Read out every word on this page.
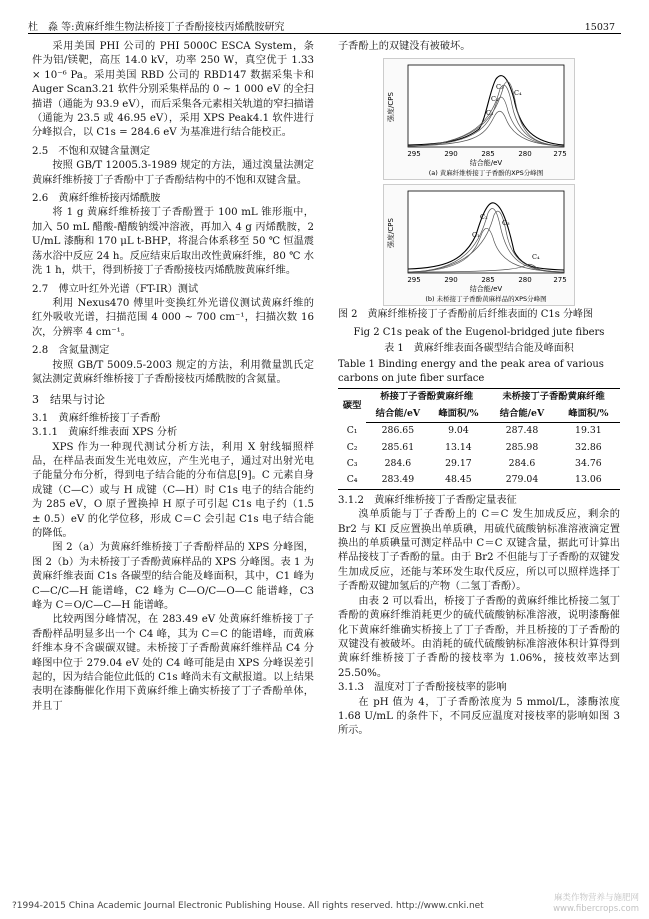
杜　淼 等:黄麻纤维生物法桥接丁子香酚接枝丙烯酰胺研究	15037

采用美国 PHI 公司的 PHI 5000C ESCA System，条件为铝/镁靶，高压 14.0 kV，功率 250 W，真空优于 1.33 × 10⁻⁶ Pa。采用美国 RBD 公司的 RBD147 数据采集卡和 Auger Scan3.21 软件分别采集样品的 0 ~ 1 000 eV 的全扫描谱（通能为 93.9 eV），而后采集各元素相关轨道的窄扫描谱（通能为 23.5 或 46.95 eV），采用 XPS Peak4.1 软件进行分峰拟合，以 C1s = 284.6 eV 为基准进行结合能校正。

2.5　不饱和双键含量测定

按照 GB/T 12005.3-1989 规定的方法，通过溴量法测定黄麻纤维桥接丁子香酚中丁子香酚结构中的不饱和双键含量。

2.6　黄麻纤维桥接丙烯酰胺

将 1 g 黄麻纤维桥接丁子香酚置于 100 mL 锥形瓶中，加入 50 mL 醋酸-醋酸钠缓冲溶液，再加入 4 g 丙烯酰胺，2 U/mL 漆酶和 170 μL t-BHP，将混合体系移至 50 ℃ 恒温震荡水浴中反应 24 h。反应结束后取出改性黄麻纤维，80 ℃ 水洗 1 h，烘干，得到桥接丁子香酚接枝丙烯酰胺黄麻纤维。

2.7　傅立叶红外光谱（FT-IR）测试

利用 Nexus470 傅里叶变换红外光谱仪测试黄麻纤维的红外吸收光谱，扫描范围 4 000 ~ 700 cm⁻¹，扫描次数 16 次，分辨率 4 cm⁻¹。

2.8　含氮量测定

按照 GB/T 5009.5-2003 规定的方法，利用微量凯氏定氮法测定黄麻纤维桥接丁子香酚接枝丙烯酰胺的含氮量。

3　结果与讨论

3.1　黄麻纤维桥接丁子香酚

3.1.1　黄麻纤维表面 XPS 分析

XPS 作为一种现代测试分析方法，利用 X 射线辐照样品，在样品表面发生光电效应，产生光电子，通过对出射光电子能量分布分析，得到电子结合能的分布信息[9]。C 元素自身成键（C—C）或与 H 成键（C—H）时 C1s 电子的结合能约为 285 eV，O 原子置换掉 H 原子可引起 C1s 电子约（1.5 ± 0.5）eV 的化学位移，形成 C＝C 会引起 C1s 电子结合能的降低。

图 2（a）为黄麻纤维桥接丁子香酚样品的 XPS 分峰图，图 2（b）为未桥接丁子香酚黄麻样品的 XPS 分峰图。表 1 为黄麻纤维表面 C1s 各碳型的结合能及峰面积，其中，C1 峰为 C—C/C—H 能谱峰，C2 峰为 C—O/C—O—C 能谱峰，C3 峰为 C＝O/C—C—H 能谱峰。

比较两图分峰情况，在 283.49 eV 处黄麻纤维桥接丁子香酚样品明显多出一个 C4 峰，其为 C＝C 的能谱峰，而黄麻纤维本身不含碳碳双键。未桥接丁子香酚黄麻纤维样品 C4 分峰图中位于 279.04 eV 处的 C4 峰可能是由 XPS 分峰误差引起的，因为结合能位此低的 C1s 峰尚未有文献报道。以上结果表明在漆酶催化作用下黄麻纤维上确实桥接了丁子香酚单体，并且丁

子香酚上的双键没有被破坏。

强度/CPS	C₁
C₂
C₃
C₄
295	290	285	280	275
结合能/eV
(a) 黄麻纤维桥接丁子香酚的XPS分峰图
强度/CPS	C₁
C₂
C₃
C₄
295	290	285	280	275
结合能/eV
(b) 未桥接丁子香酚黄麻样品的XPS分峰图

图 2　黄麻纤维桥接丁子香酚前后纤维表面的 C1s 分峰图

Fig 2 C1s peak of the Eugenol-bridged jute fibers

表 1　黄麻纤维表面各碳型结合能及峰面积

Table 1 Binding energy and the peak area of various carbons on jute fiber surface

碳型	桥接丁子香酚黄麻纤维		未桥接丁子香酚黄麻纤维	
	结合能/eV	峰面积/%	结合能/eV	峰面积/%
C₁	286.65	9.04	287.48	19.31
C₂	285.61	13.14	285.98	32.86
C₃	284.6	29.17	284.6	34.76
C₄	283.49	48.45	279.04	13.06

3.1.2　黄麻纤维桥接丁子香酚定量表征

溴单质能与丁子香酚上的 C＝C 发生加成反应，剩余的 Br2 与 KI 反应置换出单质碘，用硫代硫酸钠标准溶液滴定置换出的单质碘量可测定样品中 C＝C 双键含量，据此可计算出样品接枝丁子香酚的量。由于 Br2 不但能与丁子香酚的双键发生加成反应，还能与苯环发生取代反应，所以可以照样选择丁子香酚双键加氢后的产物（二氢丁香酚）。

由表 2 可以看出，桥接丁子香酚的黄麻纤维比桥接二氢丁香酚的黄麻纤维消耗更少的硫代硫酸钠标准溶液，说明漆酶催化下黄麻纤维确实桥接上了丁子香酚，并且桥接的丁子香酚的双键没有被破坏。由消耗的硫代硫酸钠标准溶液体积计算得到黄麻纤维桥接丁子香酚的接枝率为 1.06%，接枝效率达到 25.50%。

3.1.3　温度对丁子香酚接枝率的影响

在 pH 值为 4，丁子香酚浓度为 5 mmol/L，漆酶浓度 1.68 U/mL 的条件下，不同反应温度对接枝率的影响如图 3 所示。

?1994-2015 China Academic Journal Electronic Publishing House. All rights reserved. http://www.cnki.net
麻类作物营养与施肥网
www.fibercrops.com
